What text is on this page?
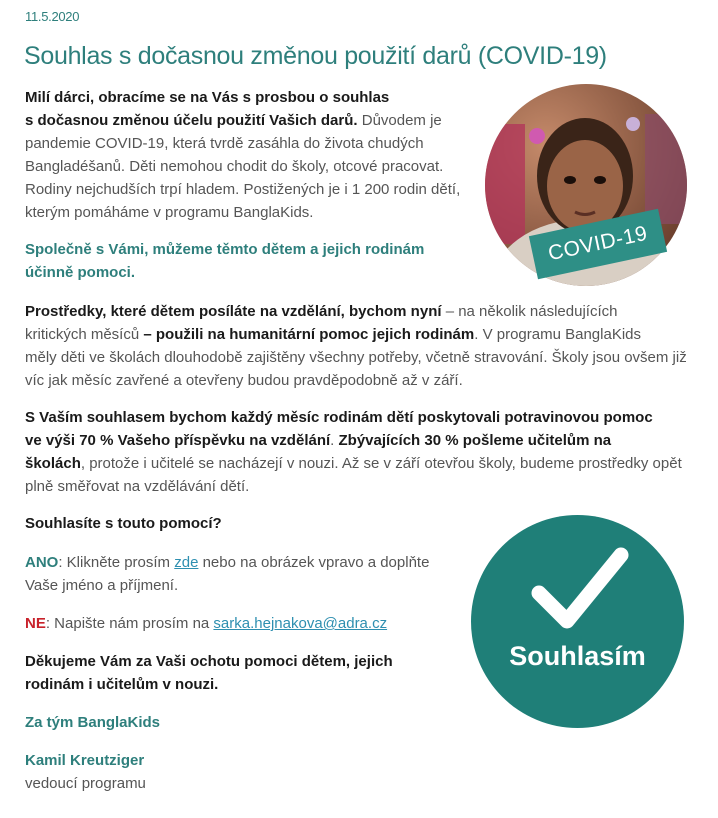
11.5.2020
Souhlas s dočasnou změnou použití darů (COVID-19)
Milí dárci, obracíme se na Vás s prosbou o souhlas
s dočasnou změnou účelu použití Vašich darů. Důvodem je
pandemie COVID-19, která tvrdě zasáhla do života chudých
Bangladéšanů. Děti nemohou chodit do školy, otcové pracovat.
Rodiny nejchudších trpí hladem. Postižených je i 1 200 rodin dětí,
kterým pomáháme v programu BanglaKids.
Společně s Vámi, můžeme těmto dětem a jejich rodinám
účinně pomoci.
Prostředky, které dětem posíláte na vzdělání, bychom nyní – na několik následujících
kritických měsíců – použili na humanitární pomoc jejich rodinám. V programu BanglaKids
měly děti ve školách dlouhodobě zajištěny všechny potřeby, včetně stravování. Školy jsou ovšem již
víc jak měsíc zavřené a otevřeny budou pravděpodobně až v září.
S Vaším souhlasem bychom každý měsíc rodinám dětí poskytovali potravinovou pomoc
ve výši 70 % Vašeho příspěvku na vzdělání. Zbývajících 30 % pošleme učitelům na
školách, protože i učitelé se nacházejí v nouzi. Až se v září otevřou školy, budeme prostředky opět
plně směřovat na vzdělávání dětí.
Souhlasíte s touto pomocí?
ANO: Klikněte prosím zde nebo na obrázek vpravo a doplňte
Vaše jméno a příjmení.
NE: Napište nám prosím na sarka.hejnakova@adra.cz
Děkujeme Vám za Vaši ochotu pomoci dětem, jejich
rodinám i učitelům v nouzi.
Za tým BanglaKids
Kamil Kreutziger
vedoucí programu
COVID-19
Souhlasím
